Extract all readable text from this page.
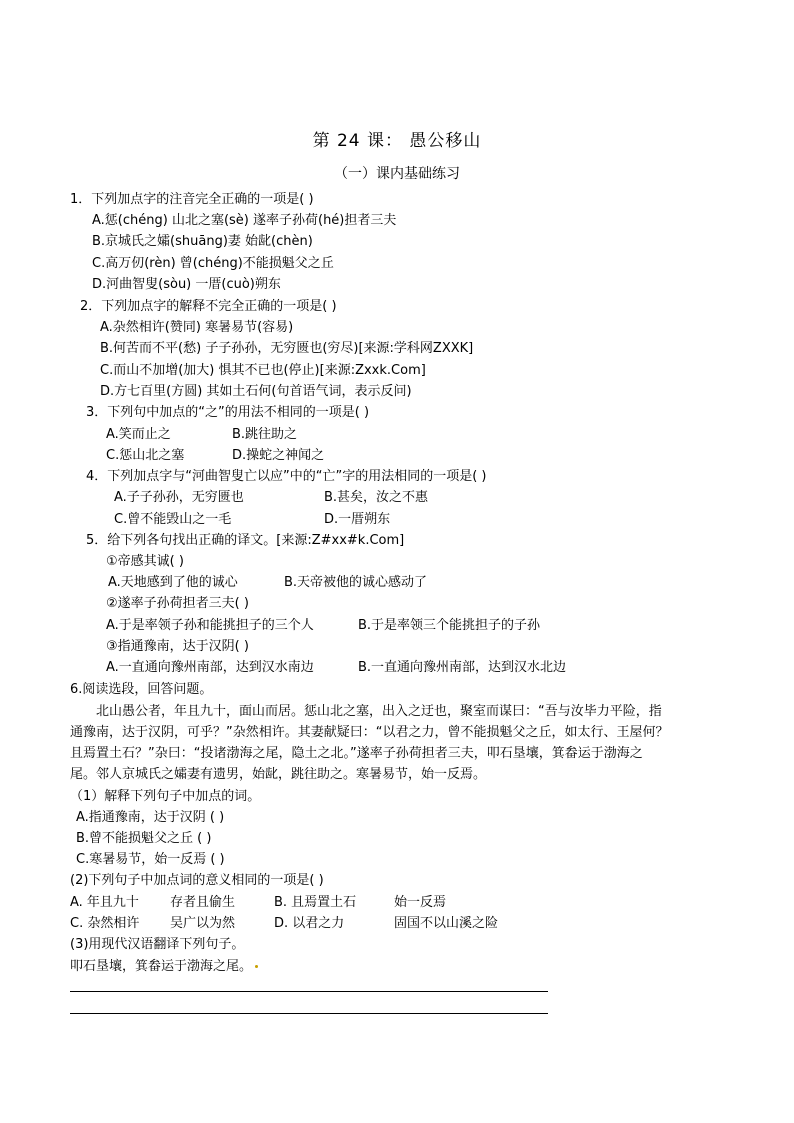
第 24 课： 愚公移山
（一）课内基础练习
1．下列加点字的注音完全正确的一项是( )
A.惩(chéng) 山北之塞(sè) 遂率子孙荷(hé)担者三夫
B.京城氏之孀(shuāng)妻 始龀(chèn)
C.高万仞(rèn) 曾(chéng)不能损魁父之丘
D.河曲智叟(sòu) 一厝(cuò)朔东
2．下列加点字的解释不完全正确的一项是( )
A.杂然相许(赞同) 寒暑易节(容易)
B.何苦而不平(愁) 子子孙孙，无穷匮也(穷尽)[来源:学科网ZXXK]
C.而山不加增(加大) 惧其不已也(停止)[来源:Zxxk.Com]
D.方七百里(方圆) 其如土石何(句首语气词，表示反问)
3．下列句中加点的“之”的用法不相同的一项是( )
A.笑而止之	B.跳往助之
C.惩山北之塞	D.操蛇之神闻之
4．下列加点字与“河曲智叟亡以应”中的“亡”字的用法相同的一项是( )
A.子子孙孙，无穷匮也	B.甚矣，汝之不惠
C.曾不能毁山之一毛	D.一厝朔东
5．给下列各句找出正确的译文。[来源:Z#xx#k.Com]
①帝感其诚( )
A.天地感到了他的诚心	B.天帝被他的诚心感动了
②遂率子孙荷担者三夫( )
A.于是率领子孙和能挑担子的三个人	B.于是率领三个能挑担子的子孙
③指通豫南，达于汉阴( )
A.一直通向豫州南部，达到汉水南边	B.一直通向豫州南部，达到汉水北边
6.阅读选段，回答问题。
北山愚公者，年且九十，面山而居。惩山北之塞，出入之迂也，聚室而谋曰：“吾与汝毕力平险，指
通豫南，达于汉阴，可乎？”杂然相许。其妻献疑曰：“以君之力，曾不能损魁父之丘，如太行、王屋何？
且焉置土石？”杂曰：“投诸渤海之尾，隐土之北。”遂率子孙荷担者三夫，叩石垦壤，箕畚运于渤海之
尾。邻人京城氏之孀妻有遗男，始龀，跳往助之。寒暑易节，始一反焉。
（1）解释下列句子中加点的词。
A.指通豫南，达于汉阴 ( )
B.曾不能损魁父之丘 ( )
C.寒暑易节，始一反焉 ( )
(2)下列句子中加点词的意义相同的一项是( )
A. 年且九十 存者且偷生	B. 且焉置土石	始一反焉
C. 杂然相许 吴广以为然	D. 以君之力	固国不以山溪之险
(3)用现代汉语翻译下列句子。
叩石垦壤，箕畚运于渤海之尾。
